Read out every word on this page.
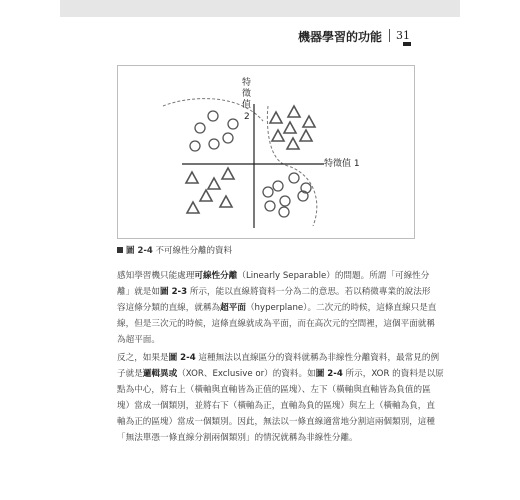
機器學習的功能 31
特
徵
值
2
特徵值 1
圖 2-4 不可線性分離的資料
感知學習機只能處理可線性分離（Linearly Separable）的問題。所謂「可線性分
離」就是如圖 2-3 所示，能以直線將資料一分為二的意思。若以稍微專業的說法形
容這條分類的直線，就稱為超平面（hyperplane）。二次元的時候，這條直線只是直
線，但是三次元的時候，這條直線就成為平面，而在高次元的空間裡，這個平面就稱
為超平面。
反之，如果是圖 2-4 這種無法以直線區分的資料就稱為非線性分離資料，最常見的例
子就是邏輯異或（XOR、Exclusive or）的資料。如圖 2-4 所示，XOR 的資料是以原
點為中心，將右上（橫軸與直軸皆為正值的區塊）、左下（橫軸與直軸皆為負值的區
塊）當成一個類別，並將右下（橫軸為正，直軸為負的區塊）與左上（橫軸為負，直
軸為正的區塊）當成一個類別。因此，無法以一條直線適當地分割這兩個類別，這種
「無法單憑一條直線分割兩個類別」的情況就稱為非線性分離。
